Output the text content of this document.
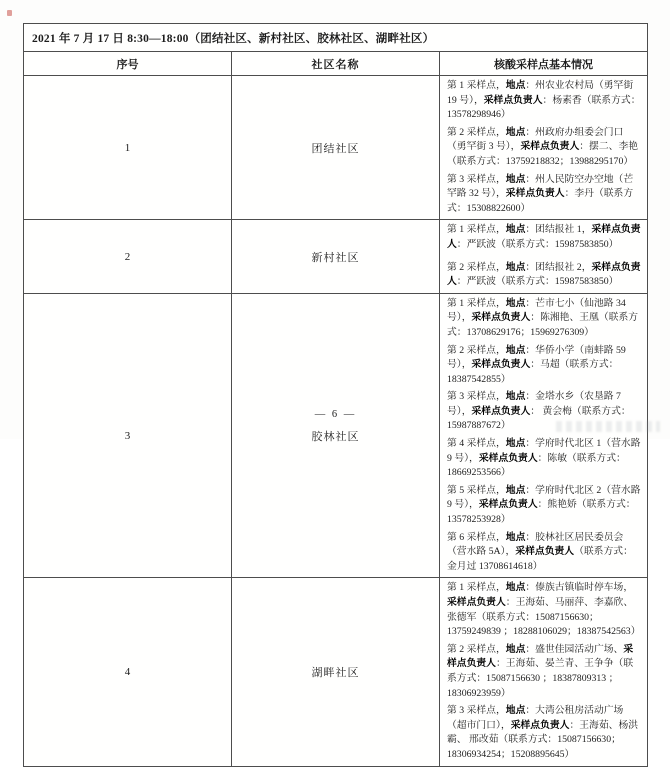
2021 年 7 月 17 日 8:30—18:00（团结社区、新村社区、胶林社区、湖畔社区）		
序号	社区名称	核酸采样点基本情况
1	团结社区	第 1 采样点，地点：州农业农村局（勇罕街 19 号），采样点负责人：杨素香（联系方式：13578298946）

第 2 采样点，地点：州政府办组委会门口（勇罕街 3 号），采样点负责人：摆二、李艳（联系方式：13759218832；13988295170）

第 3 采样点，地点：州人民防空办空地（芒罕路 32 号），采样点负责人：李丹（联系方式：15308822600）

2	新村社区	第 1 采样点，地点：团结报社 1，采样点负责人：严跃波（联系方式：15987583850）

第 2 采样点，地点：团结报社 2，采样点负责人：严跃波（联系方式：15987583850）

3	胶林社区	

第 1 采样点，地点：芒市七小（仙池路 34 号），采样点负责人：陈湘艳、王凰（联系方式：13708629176；15969276309）

第 2 采样点，地点：华侨小学（南蚌路 59 号），采样点负责人：马超（联系方式：18387542855）

第 3 采样点，地点：金塔水乡（农垦路 7 号），采样点负责人： 黄会梅（联系方式：15987887672）

第 4 采样点，地点：学府时代北区 1（营水路 9 号），采样点负责人：陈敏（联系方式：18669253566）

第 5 采样点，地点：学府时代北区 2（营水路 9 号），采样点负责人：熊艳娇（联系方式：13578253928）

第 6 采样点，地点：胶林社区居民委员会（营水路 5A），采样点负责人（联系方式：金月过 13708614618）

4	湖畔社区	第 1 采样点，地点：傣族古镇临时停车场，采样点负责人：王海茹、马丽萍、李嘉欣、张德军（联系方式：15087156630；13759249839 ；18288106029；18387542563）

第 2 采样点，地点：盛世佳园活动广场、采样点负责人：王海茹、晏兰青、王争争（联系方式：15087156630 ；18387809313 ；18306923959）

第 3 采样点，地点：大湾公租房活动广场（超市门口），采样点负责人：王海茹、杨洪霸、 邢改茹（联系方式：15087156630；18306934254；15208895645）

— 6 —
